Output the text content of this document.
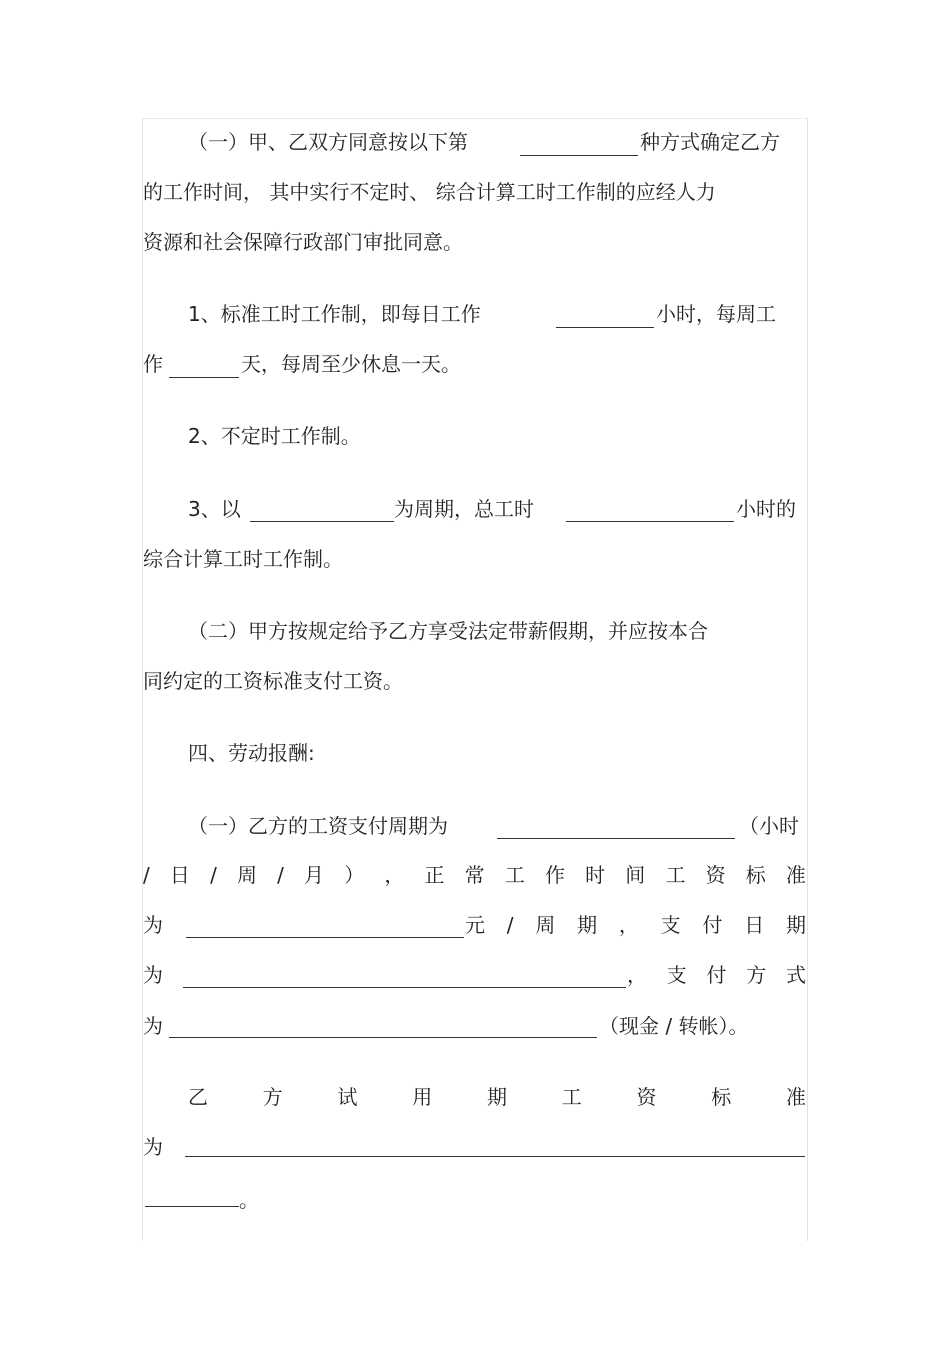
（一）甲、乙双方同意按以下第	种方式确定乙方
的工作时间， 其中实行不定时、 综合计算工时工作制的应经人力
资源和社会保障行政部门审批同意。
1、标准工时工作制，即每日工作	小时，每周工
作	天，每周至少休息一天。
2、不定时工作制。
3、以	为周期，总工时	小时的
综合计算工时工作制。
（二）甲方按规定给予乙方享受法定带薪假期，并应按本合
同约定的工资标准支付工资。
四、劳动报酬:
（一）乙方的工资支付周期为	（小时
/ 日 / 周 / 月 ） ， 正 常 工 作 时 间 工 资 标 准
为	元 / 周 期 ， 支 付 日 期
为	， 支 付 方 式
为	（现金 / 转帐）。
乙	方	试	用	期	工	资	标	准
为
。
